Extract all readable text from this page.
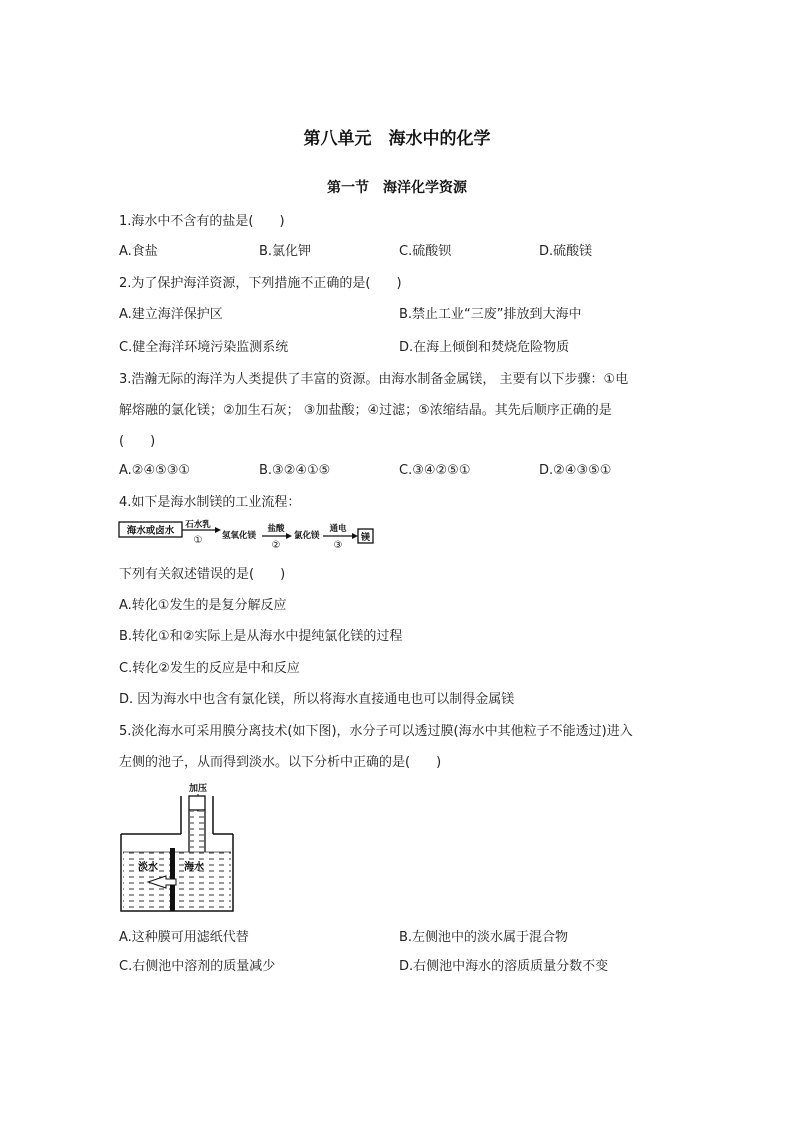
第八单元　海水中的化学
第一节　海洋化学资源
1.海水中不含有的盐是(　　)
A.食盐	B.氯化钾	C.硫酸钡	D.硫酸镁
2.为了保护海洋资源，下列措施不正确的是(　　)
A.建立海洋保护区	B.禁止工业“三废”排放到大海中
C.健全海洋环境污染监测系统	D.在海上倾倒和焚烧危险物质
3.浩瀚无际的海洋为人类提供了丰富的资源。由海水制备金属镁， 主要有以下步骤：①电
解熔融的氯化镁；②加生石灰； ③加盐酸；④过滤；⑤浓缩结晶。其先后顺序正确的是
(　　)
A.②④⑤③①	B.③②④①⑤	C.③④②⑤①	D.②④③⑤①
4.如下是海水制镁的工业流程：
海水或卤水
石水乳
① 氢氧化镁
盐酸
②
氯化镁
通电
③
镁
下列有关叙述错误的是(　　)
A.转化①发生的是复分解反应
B.转化①和②实际上是从海水中提纯氯化镁的过程
C.转化②发生的反应是中和反应
D. 因为海水中也含有氯化镁，所以将海水直接通电也可以制得金属镁
5.淡化海水可采用膜分离技术(如下图)，水分子可以透过膜(海水中其他粒子不能透过)进入
左侧的池子，从而得到淡水。以下分析中正确的是(　　)
加压
淡水	海水
A.这种膜可用滤纸代替	B.左侧池中的淡水属于混合物
C.右侧池中溶剂的质量减少	D.右侧池中海水的溶质质量分数不变
